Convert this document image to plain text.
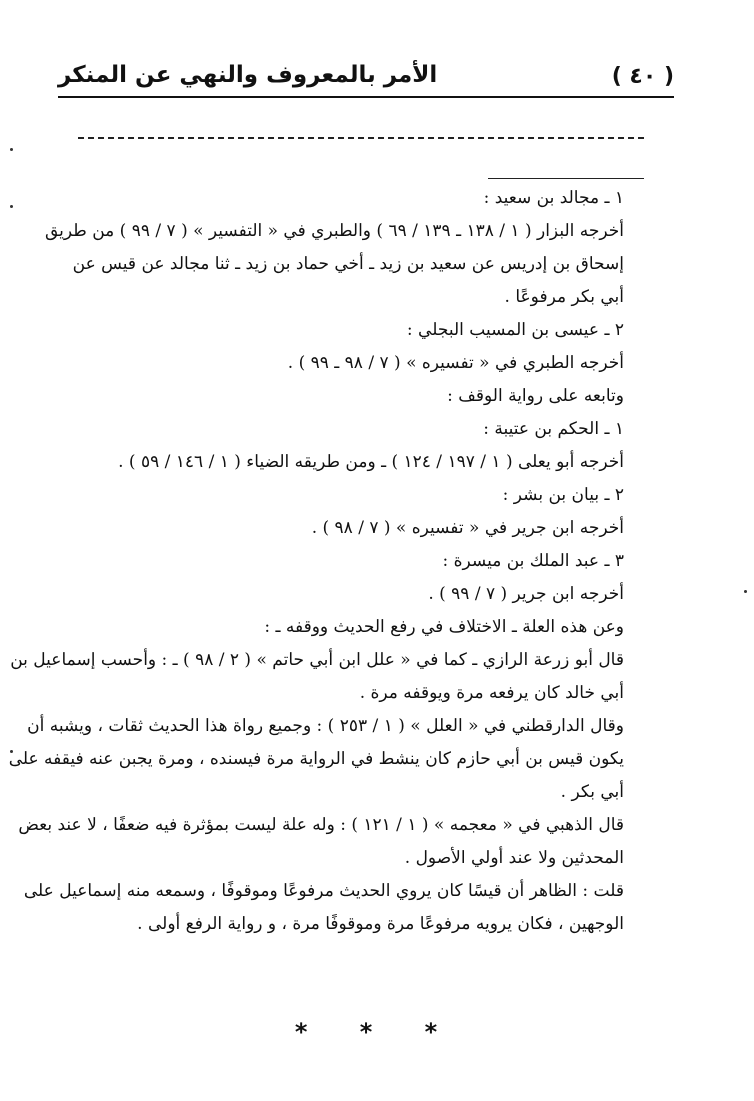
( ٤٠ )
الأمر بالمعروف والنهي عن المنكر
١ ـ مجالد بن سعيد :
أخرجه البزار ( ١ / ١٣٨ ـ ١٣٩ / ٦٩ ) والطبري في « التفسير » ( ٧ / ٩٩ ) من طريق
إسحاق بن إدريس عن سعيد بن زيد ـ أخي حماد بن زيد ـ ثنا مجالد عن قيس عن
أبي بكر مرفوعًا .
٢ ـ عيسى بن المسيب البجلي :
أخرجه الطبري في « تفسيره » ( ٧ / ٩٨ ـ ٩٩ ) .
وتابعه على رواية الوقف :
١ ـ الحكم بن عتيبة :
أخرجه أبو يعلى ( ١ / ١٩٧ / ١٢٤ ) ـ ومن طريقه الضياء ( ١ / ١٤٦ / ٥٩ ) .
٢ ـ بيان بن بشر :
أخرجه ابن جرير في « تفسيره » ( ٧ / ٩٨ ) .
٣ ـ عبد الملك بن ميسرة :
أخرجه ابن جرير ( ٧ / ٩٩ ) .
وعن هذه العلة ـ الاختلاف في رفع الحديث ووقفه ـ :
قال أبو زرعة الرازي ـ كما في « علل ابن أبي حاتم » ( ٢ / ٩٨ ) ـ : وأحسب إسماعيل بن
أبي خالد كان يرفعه مرة ويوقفه مرة .
وقال الدارقطني في « العلل » ( ١ / ٢٥٣ ) : وجميع رواة هذا الحديث ثقات ، ويشبه أن
يكون قيس بن أبي حازم كان ينشط في الرواية مرة فيسنده ، ومرة يجبن عنه فيقفه على
أبي بكر .
قال الذهبي في « معجمه » ( ١ / ١٢١ ) : وله علة ليست بمؤثرة فيه ضعفًا ، لا عند بعض
المحدثين ولا عند أولي الأصول .
قلت : الظاهر أن قيسًا كان يروي الحديث مرفوعًا وموقوفًا ، وسمعه منه إسماعيل على
الوجهين ، فكان يرويه مرفوعًا مرة وموقوفًا مرة ، و رواية الرفع أولى .
* * *
